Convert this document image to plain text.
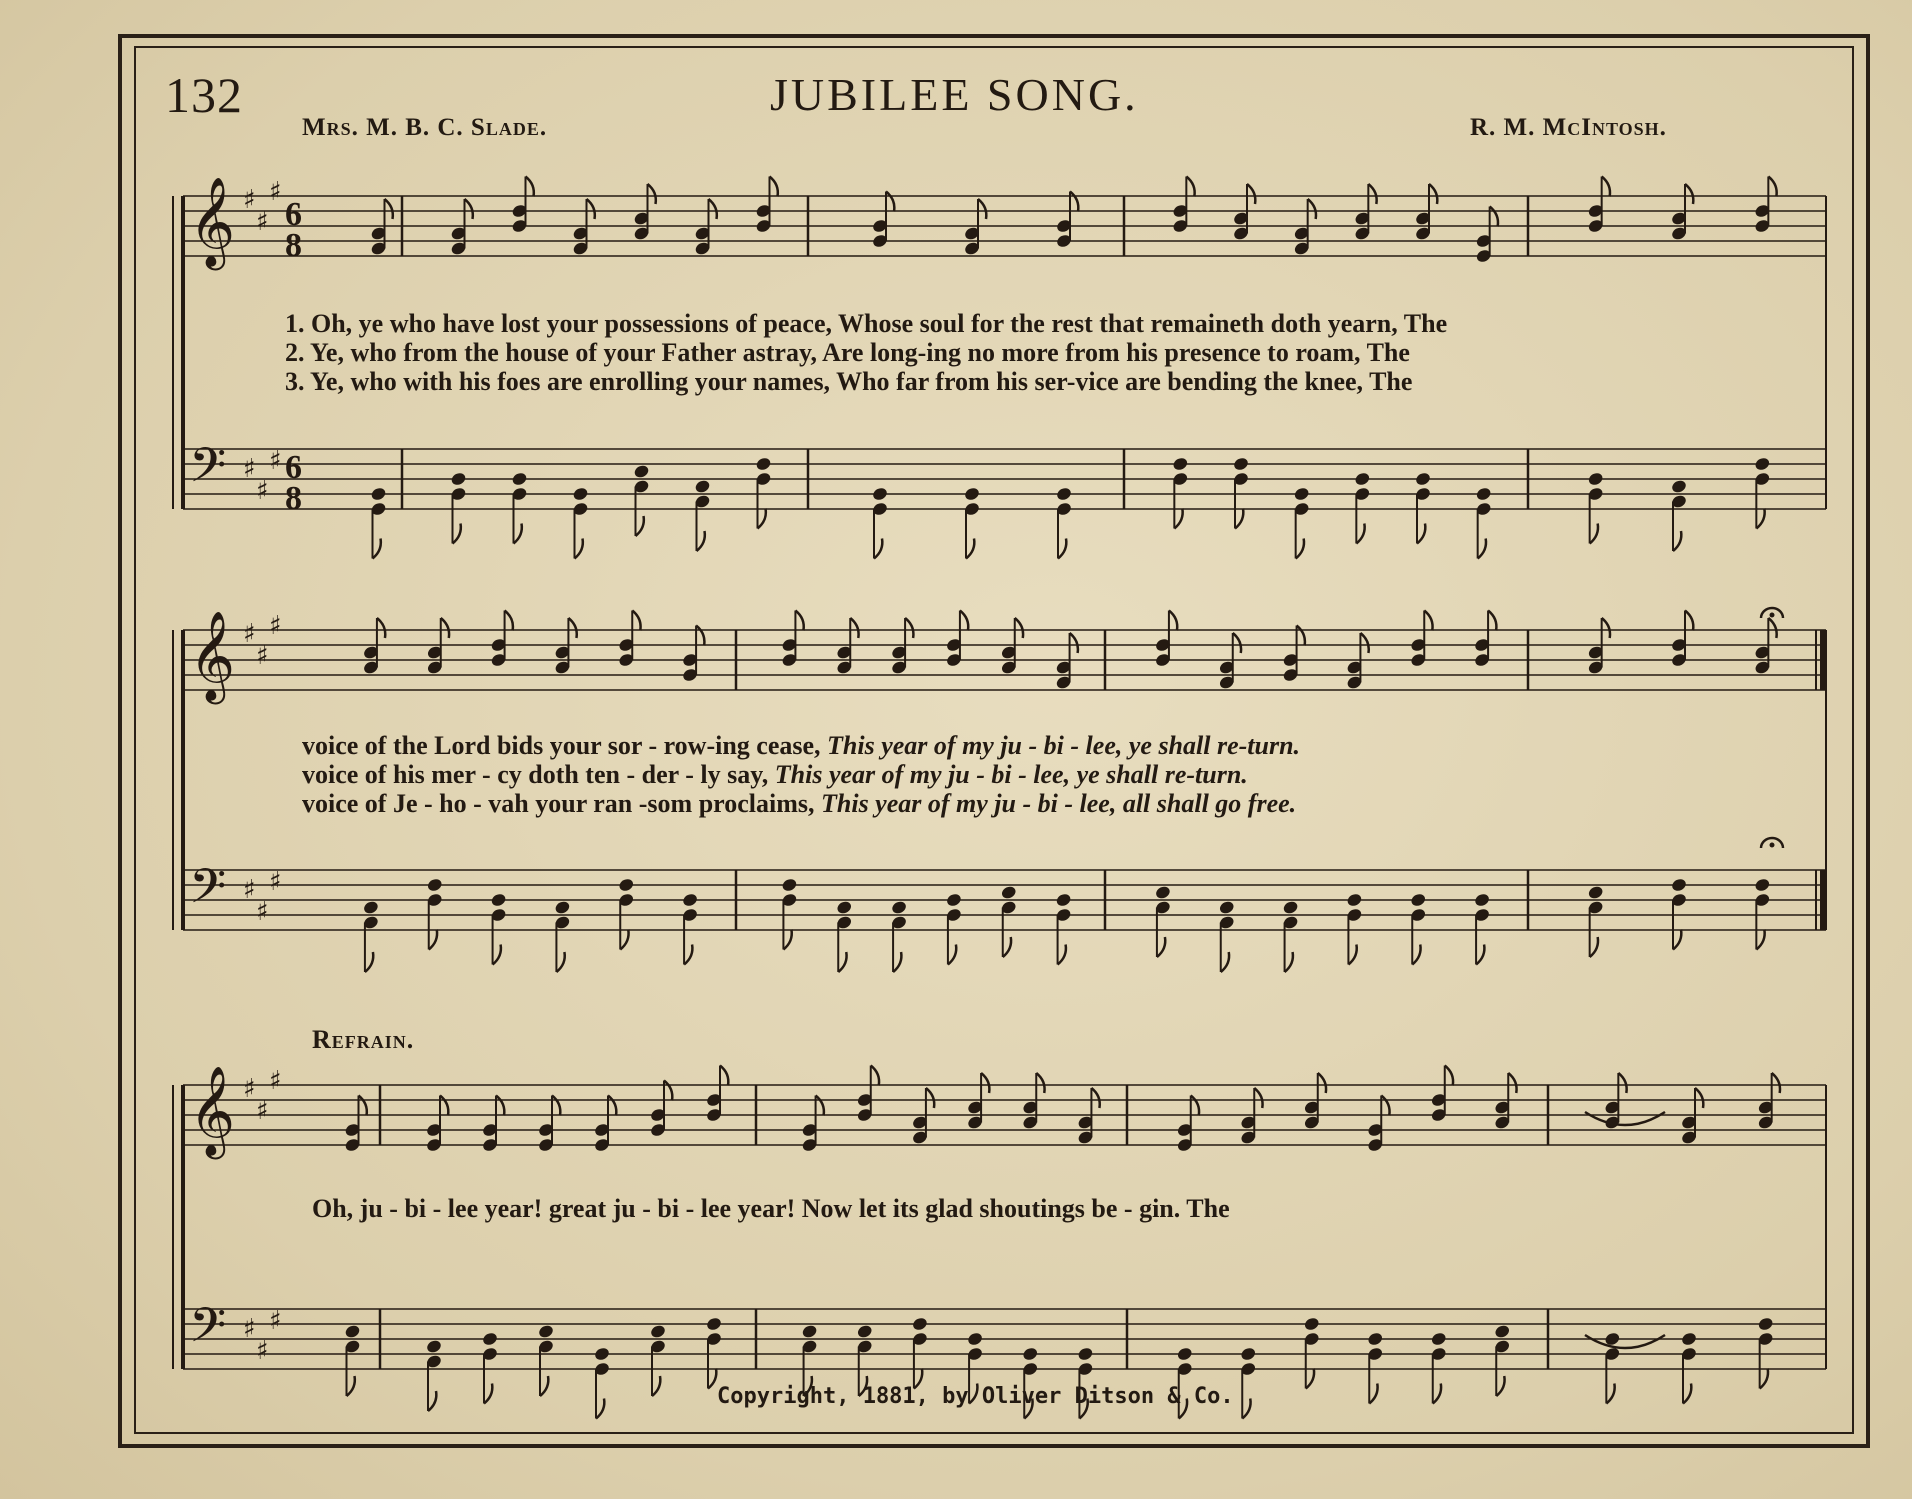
132	JUBILEE SONG.
Mrs. M. B. C. Slade.	R. M. McIntosh.
𝄞 ♯
♯
♯
6
8
𝄢 ♯
♯
♯ 6
8
𝄞 ♯
♯
♯
𝄢 ♯
♯
♯
𝄞 ♯
♯
♯
𝄢 ♯
♯
♯
1. Oh, ye who have lost your possessions of peace, Whose soul for the rest that remaineth doth yearn, The
2. Ye, who from the house of your Father astray, Are long-ing no more from his presence to roam, The
3. Ye, who with his foes are enrolling your names, Who far from his ser-vice are bending the knee, The
voice of the Lord bids your sor - row-ing cease, This year of my ju - bi - lee, ye shall re-turn.
voice of his mer - cy doth ten - der - ly say, This year of my ju - bi - lee, ye shall re-turn.
voice of Je - ho - vah your ran -som proclaims, This year of my ju - bi - lee, all shall go free.
Refrain.
Oh, ju - bi - lee year! great ju - bi - lee year! Now let its glad shoutings be - gin. The
Copyright, 1881, by Oliver Ditson & Co.
